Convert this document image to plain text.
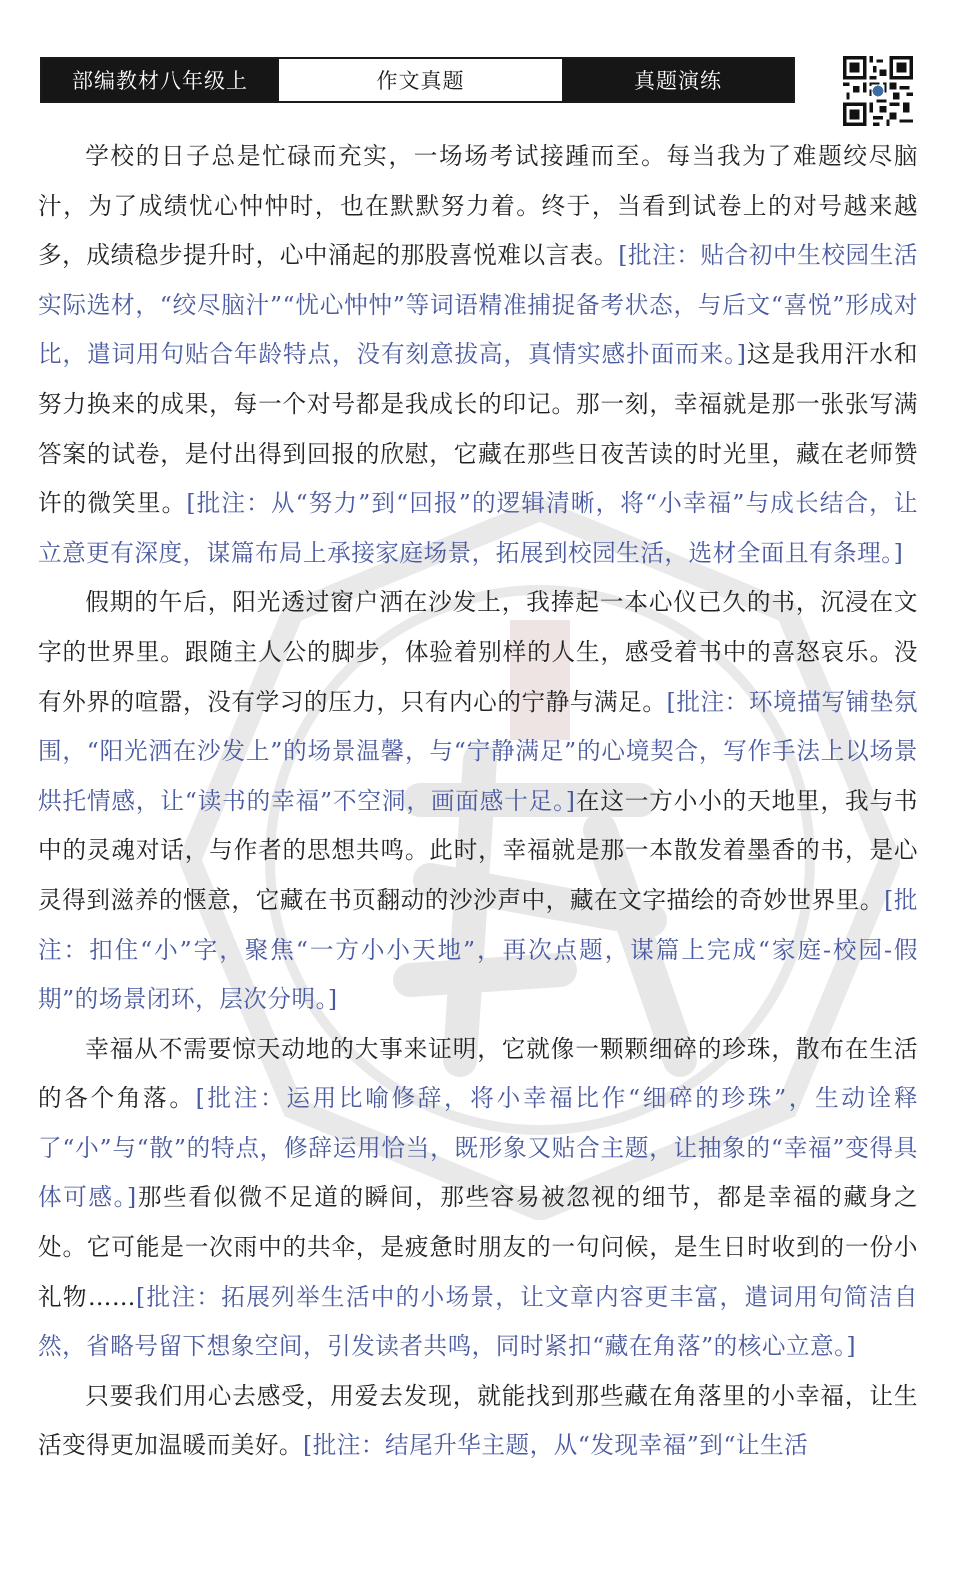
部编教材八年级上	作文真题	真题演练

学校的日子总是忙碌而充实，一场场考试接踵而至。每当我为了难题绞尽脑汁，为了成绩忧心忡忡时，也在默默努力着。终于，当看到试卷上的对号越来越多，成绩稳步提升时，心中涌起的那股喜悦难以言表。[批注：贴合初中生校园生活实际选材，“绞尽脑汁”“忧心忡忡”等词语精准捕捉备考状态，与后文“喜悦”形成对比，遣词用句贴合年龄特点，没有刻意拔高，真情实感扑面而来。]这是我用汗水和努力换来的成果，每一个对号都是我成长的印记。那一刻，幸福就是那一张张写满答案的试卷，是付出得到回报的欣慰，它藏在那些日夜苦读的时光里，藏在老师赞许的微笑里。[批注：从“努力”到“回报”的逻辑清晰，将“小幸福”与成长结合，让立意更有深度，谋篇布局上承接家庭场景，拓展到校园生活，选材全面且有条理。]

假期的午后，阳光透过窗户洒在沙发上，我捧起一本心仪已久的书，沉浸在文字的世界里。跟随主人公的脚步，体验着别样的人生，感受着书中的喜怒哀乐。没有外界的喧嚣，没有学习的压力，只有内心的宁静与满足。[批注：环境描写铺垫氛围，“阳光洒在沙发上”的场景温馨，与“宁静满足”的心境契合，写作手法上以场景烘托情感，让“读书的幸福”不空洞，画面感十足。]在这一方小小的天地里，我与书中的灵魂对话，与作者的思想共鸣。此时，幸福就是那一本散发着墨香的书，是心灵得到滋养的惬意，它藏在书页翻动的沙沙声中，藏在文字描绘的奇妙世界里。[批注：扣住“小”字，聚焦“一方小小天地”，再次点题，谋篇上完成“家庭-校园-假期”的场景闭环，层次分明。]

幸福从不需要惊天动地的大事来证明，它就像一颗颗细碎的珍珠，散布在生活的各个角落。[批注：运用比喻修辞，将小幸福比作“细碎的珍珠”，生动诠释了“小”与“散”的特点，修辞运用恰当，既形象又贴合主题，让抽象的“幸福”变得具体可感。]那些看似微不足道的瞬间，那些容易被忽视的细节，都是幸福的藏身之处。它可能是一次雨中的共伞，是疲惫时朋友的一句问候，是生日时收到的一份小礼物……[批注：拓展列举生活中的小场景，让文章内容更丰富，遣词用句简洁自然，省略号留下想象空间，引发读者共鸣，同时紧扣“藏在角落”的核心立意。]

只要我们用心去感受，用爱去发现，就能找到那些藏在角落里的小幸福，让生活变得更加温暖而美好。[批注：结尾升华主题，从“发现幸福”到“让生活
